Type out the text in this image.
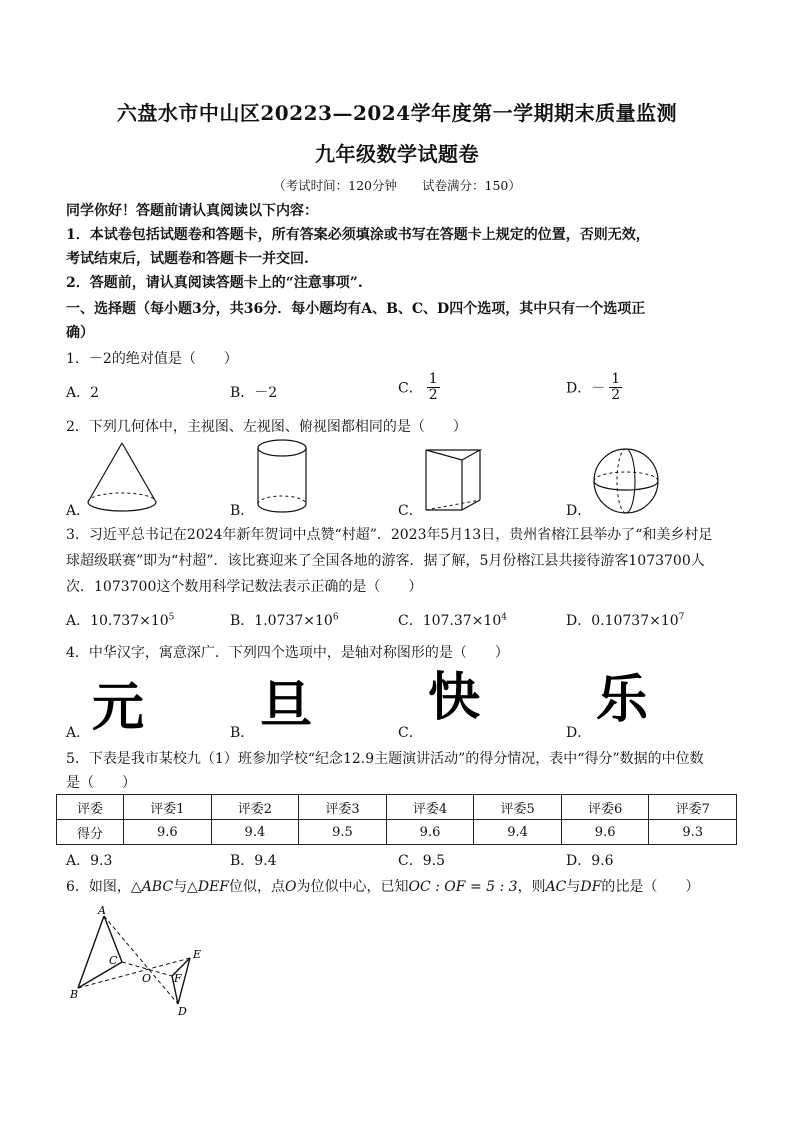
六盘水市中山区20223—2024学年度第一学期期末质量监测
九年级数学试题卷
（考试时间：120分钟　　试卷满分：150）
同学你好！答题前请认真阅读以下内容：
1．本试卷包括试题卷和答题卡，所有答案必须填涂或书写在答题卡上规定的位置，否则无效，
考试结束后，试题卷和答题卡一并交回.
2．答题前，请认真阅读答题卡上的“注意事项”.
一、选择题（每小题3分，共36分．每小题均有A、B、C、D四个选项，其中只有一个选项正
确）
1．－2的绝对值是（　　）
A．2	B．－2	C． $\frac{1}{2}$	D．－ $\frac{1}{2}$
2．下列几何体中，主视图、左视图、俯视图都相同的是（　　）
A．	B．	C．	D．
3．习近平总书记在2024年新年贺词中点赞“村超”．2023年5月13日，贵州省榕江县举办了“和美乡村足
球超级联赛”即为“村超”．该比赛迎来了全国各地的游客．据了解，5月份榕江县共接待游客1073700人
次．1073700这个数用科学记数法表示正确的是（　　）
A．$10.737\times 10^5$	B．$1.0737\times 10^6$	C．$107.37\times 10^4$	D．$0.10737\times 10^7$
4．中华汉字，寓意深广．下列四个选项中，是轴对称图形的是（　　）
A．	B．	C．	D．
元 旦 快 乐
5．下表是我市某校九（1）班参加学校“纪念12.9主题演讲活动”的得分情况，表中“得分”数据的中位数
是（　　）
评委	评委1	评委2	评委3	评委4	评委5	评委6	评委7
得分	9.6	9.4	9.5	9.6	9.4	9.6	9.3
A．9.3	B．9.4	C．9.5	D．9.6
6．如图，△ABC与△DEF位似，点O为位似中心，已知OC : OF = 5 : 3，则AC与DF的比是（　　）
A
B
C
O
E
F
D
